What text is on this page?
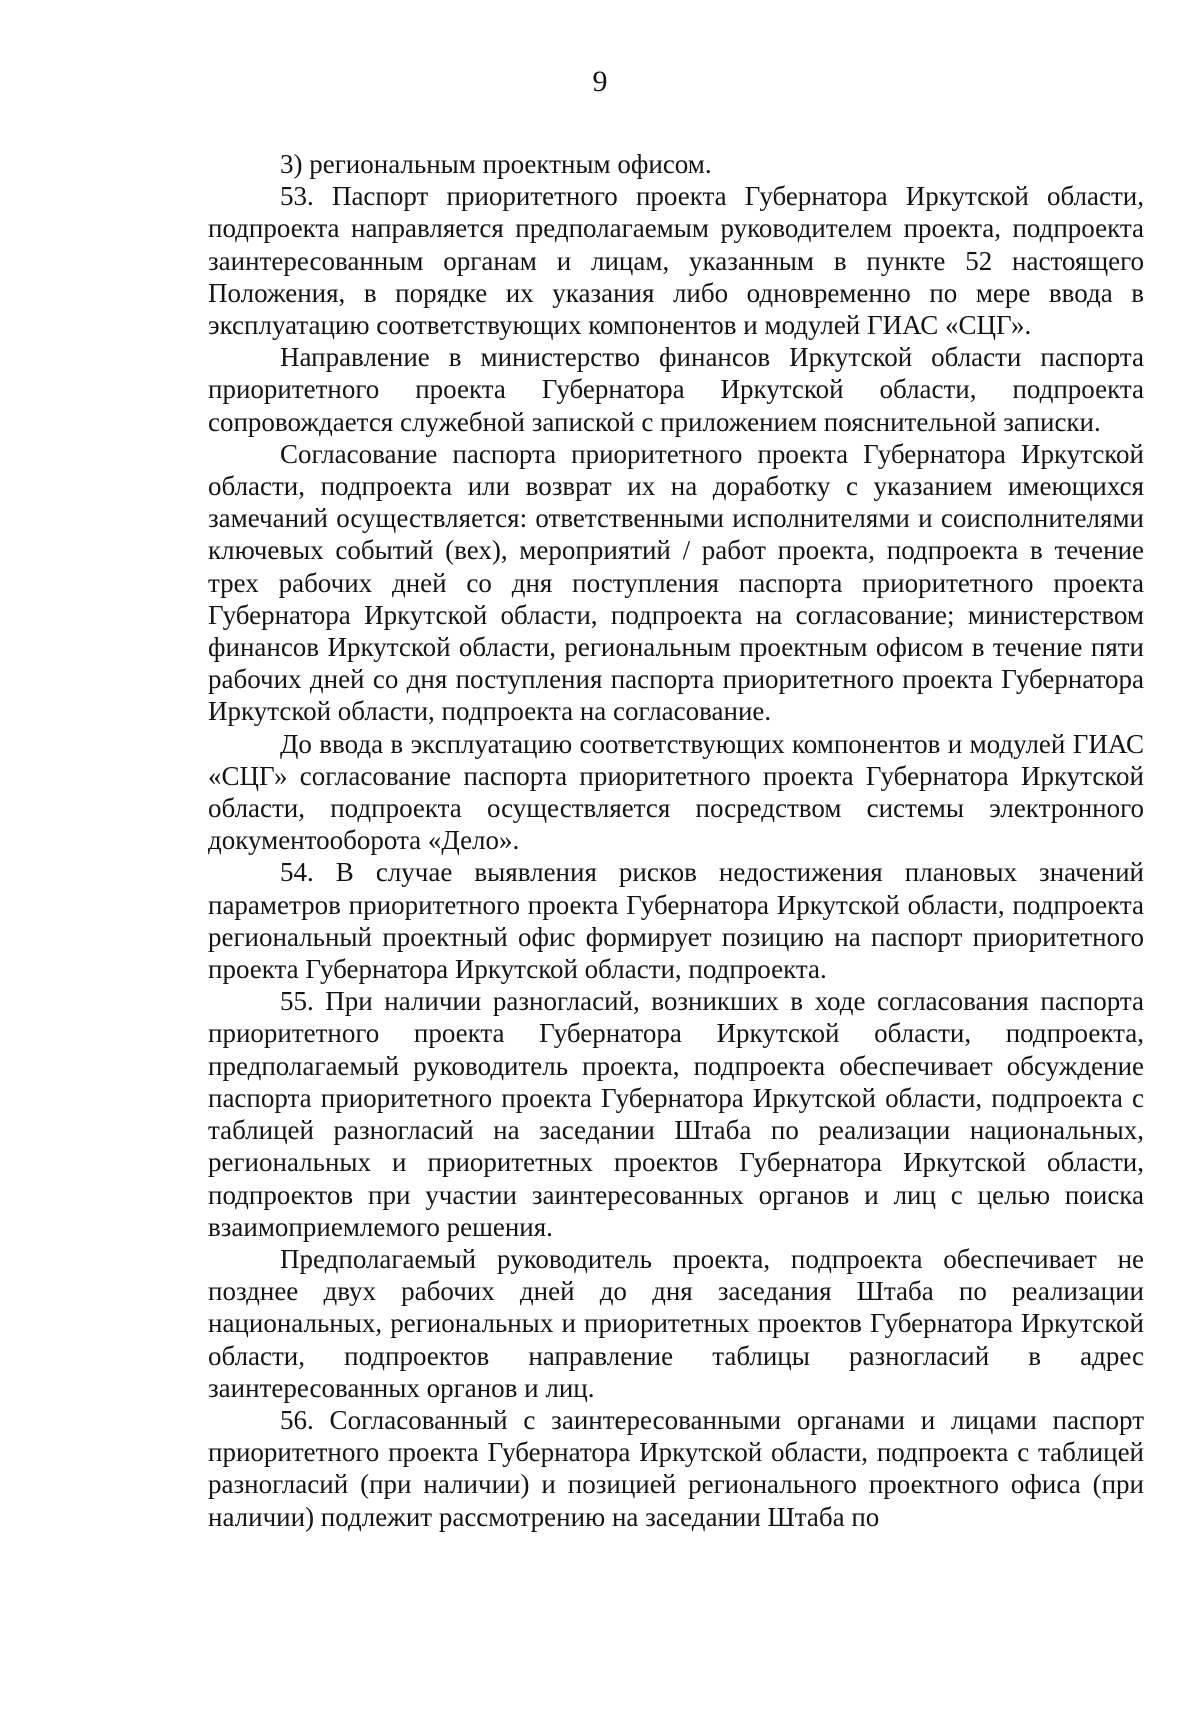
9

3) региональным проектным офисом.

53. Паспорт приоритетного проекта Губернатора Иркутской области, подпроекта направляется предполагаемым руководителем проекта, подпроекта заинтересованным органам и лицам, указанным в пункте 52 настоящего Положения, в порядке их указания либо одновременно по мере ввода в эксплуатацию соответствующих компонентов и модулей ГИАС «СЦГ».

Направление в министерство финансов Иркутской области паспорта приоритетного проекта Губернатора Иркутской области, подпроекта сопровождается служебной запиской с приложением пояснительной записки.

Согласование паспорта приоритетного проекта Губернатора Иркутской области, подпроекта или возврат их на доработку с указанием имеющихся замечаний осуществляется: ответственными исполнителями и соисполнителями ключевых событий (вех), мероприятий / работ проекта, подпроекта в течение трех рабочих дней со дня поступления паспорта приоритетного проекта Губернатора Иркутской области, подпроекта на согласование; министерством финансов Иркутской области, региональным проектным офисом в течение пяти рабочих дней со дня поступления паспорта приоритетного проекта Губернатора Иркутской области, подпроекта на согласование.

До ввода в эксплуатацию соответствующих компонентов и модулей ГИАС «СЦГ» согласование паспорта приоритетного проекта Губернатора Иркутской области, подпроекта осуществляется посредством системы электронного документооборота «Дело».

54. В случае выявления рисков недостижения плановых значений параметров приоритетного проекта Губернатора Иркутской области, подпроекта региональный проектный офис формирует позицию на паспорт приоритетного проекта Губернатора Иркутской области, подпроекта.

55. При наличии разногласий, возникших в ходе согласования паспорта приоритетного проекта Губернатора Иркутской области, подпроекта, предполагаемый руководитель проекта, подпроекта обеспечивает обсуждение паспорта приоритетного проекта Губернатора Иркутской области, подпроекта с таблицей разногласий на заседании Штаба по реализации национальных, региональных и приоритетных проектов Губернатора Иркутской области, подпроектов при участии заинтересованных органов и лиц с целью поиска взаимоприемлемого решения.

Предполагаемый руководитель проекта, подпроекта обеспечивает не позднее двух рабочих дней до дня заседания Штаба по реализации национальных, региональных и приоритетных проектов Губернатора Иркутской области, подпроектов направление таблицы разногласий в адрес заинтересованных органов и лиц.

56. Согласованный с заинтересованными органами и лицами паспорт приоритетного проекта Губернатора Иркутской области, подпроекта с таблицей разногласий (при наличии) и позицией регионального проектного офиса (при наличии) подлежит рассмотрению на заседании Штаба по
